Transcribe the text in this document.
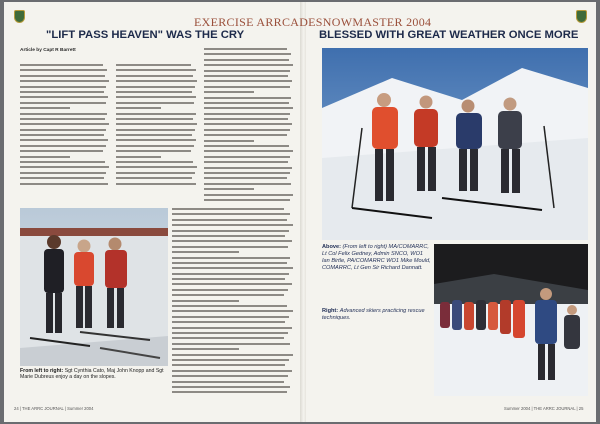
EXERCISE ARRCADESNOWMASTER 2004
"LIFT PASS HEAVEN" WAS THE CRY	BLESSED WITH GREAT WEATHER ONCE MORE
Article by Capt R Barrett
From left to right: Sgt Cynthia Cato, Maj John Knopp and Sgt Marie Dubreus enjoy a day on the slopes.
Above: (From left to right) MA/COMARRC, Lt Col Felix Gedney, Admin SNCO, WO1 Ian Birtle, PA/COMARRC WO1 Mike Mould, COMARRC, Lt Gen Sir Richard Dannatt.
Right: Advanced skiers practicing rescue techniques.
24 | THE ARRC JOURNAL | Summer 2004	Summer 2004 | THE ARRC JOURNAL | 25
